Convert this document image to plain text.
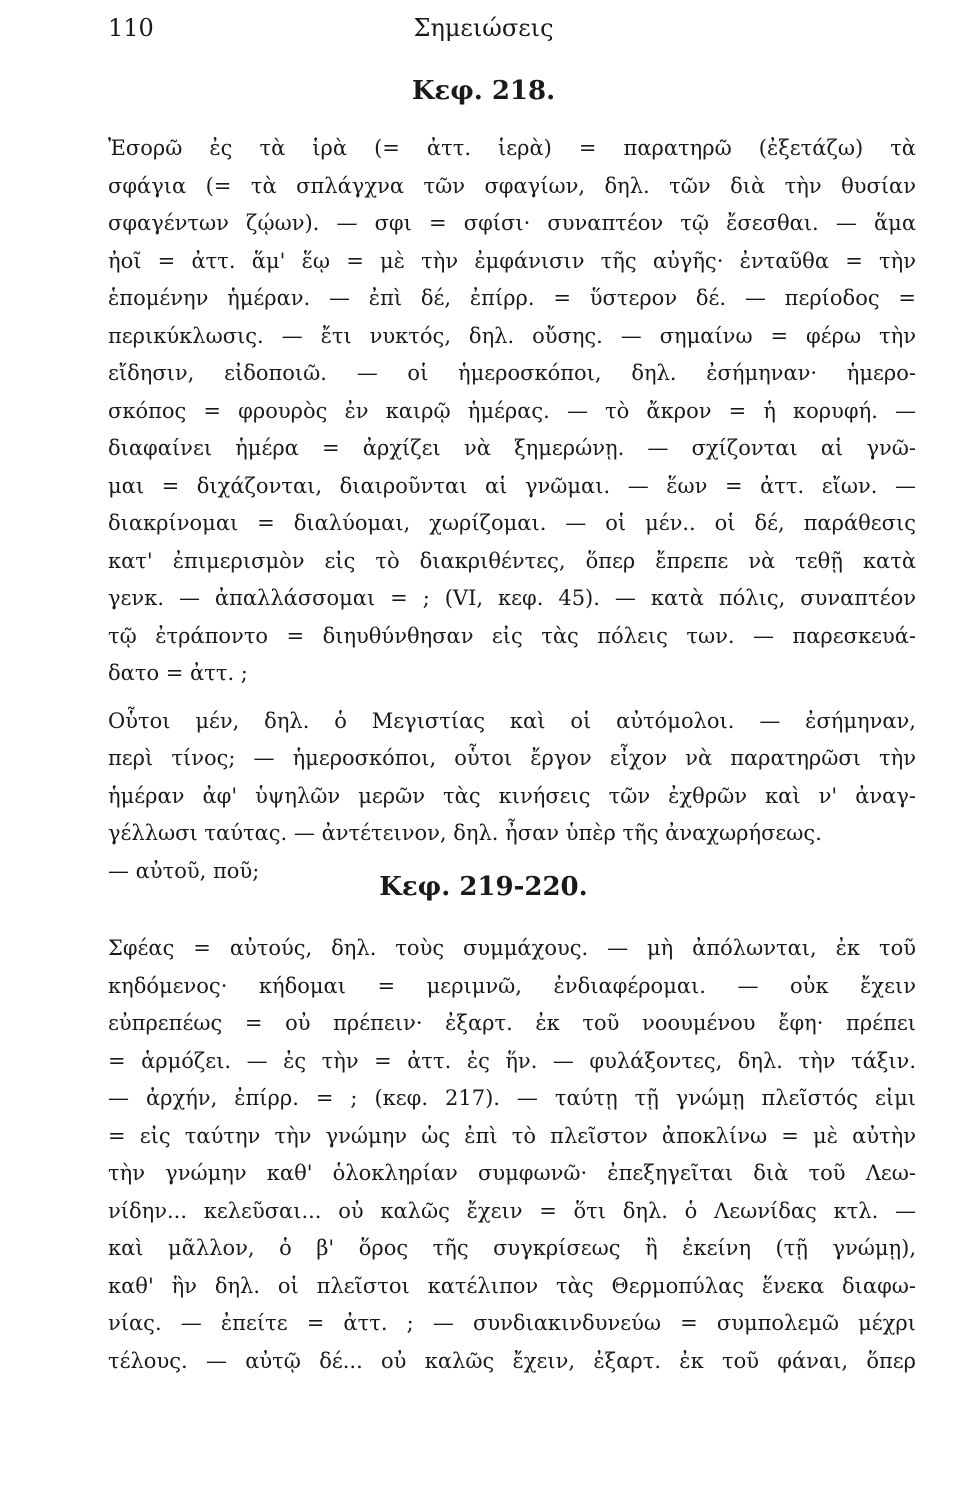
110	Σημειώσεις
Κεφ. 218.
Ἐσορῶ ἐς τὰ ἱρὰ (= ἀττ. ἱερὰ) = παρατηρῶ (ἐξετάζω) τὰ
σφάγια (= τὰ σπλάγχνα τῶν σφαγίων, δηλ. τῶν διὰ τὴν θυσίαν
σφαγέντων ζῴων). — σφι = σφίσι· συναπτέον τῷ ἔσεσθαι. — ἅμα
ἠοῖ = ἀττ. ἅμ' ἕῳ = μὲ τὴν ἐμφάνισιν τῆς αὐγῆς· ἐνταῦθα = τὴν
ἑπομένην ἡμέραν. — ἐπὶ δέ, ἐπίρρ. = ὕστερον δέ. — περίοδος =
περικύκλωσις. — ἔτι νυκτός, δηλ. οὔσης. — σημαίνω = φέρω τὴν
εἴδησιν, εἰδοποιῶ. — οἱ ἡμεροσκόποι, δηλ. ἐσήμηναν· ἡμερο-
σκόπος = φρουρὸς ἐν καιρῷ ἡμέρας. — τὸ ἄκρον = ἡ κορυφή. —
διαφαίνει ἡμέρα = ἀρχίζει νὰ ξημερώνῃ. — σχίζονται αἱ γνῶ-
μαι = διχάζονται, διαιροῦνται αἱ γνῶμαι. — ἕων = ἀττ. εἴων. —
διακρίνομαι = διαλύομαι, χωρίζομαι. — οἱ μέν.. οἱ δέ, παράθεσις
κατ' ἐπιμερισμὸν εἰς τὸ διακριθέντες, ὅπερ ἔπρεπε νὰ τεθῇ κατὰ
γενκ. — ἀπαλλάσσομαι = ; (VI, κεφ. 45). — κατὰ πόλις, συναπτέον
τῷ ἐτράποντο = διηυθύνθησαν εἰς τὰς πόλεις των. — παρεσκευά-
δατο = ἀττ. ;
Οὗτοι μέν, δηλ. ὁ Μεγιστίας καὶ οἱ αὐτόμολοι. — ἐσήμηναν,
περὶ τίνος; — ἡμεροσκόποι, οὗτοι ἔργον εἶχον νὰ παρατηρῶσι τὴν
ἡμέραν ἀφ' ὑψηλῶν μερῶν τὰς κινήσεις τῶν ἐχθρῶν καὶ ν' ἀναγ-
γέλλωσι ταύτας. — ἀντέτεινον, δηλ. ἦσαν ὑπὲρ τῆς ἀναχωρήσεως.
— αὐτοῦ, ποῦ;
Κεφ. 219-220.
Σφέας = αὐτούς, δηλ. τοὺς συμμάχους. — μὴ ἀπόλωνται, ἐκ τοῦ
κηδόμενος· κήδομαι = μεριμνῶ, ἐνδιαφέρομαι. — οὐκ ἔχειν
εὐπρεπέως = οὐ πρέπειν· ἐξαρτ. ἐκ τοῦ νοουμένου ἔφη· πρέπει
= ἁρμόζει. — ἐς τὴν = ἀττ. ἐς ἥν. — φυλάξοντες, δηλ. τὴν τάξιν.
— ἀρχήν, ἐπίρρ. = ; (κεφ. 217). — ταύτῃ τῇ γνώμῃ πλεῖστός εἰμι
= εἰς ταύτην τὴν γνώμην ὡς ἐπὶ τὸ πλεῖστον ἀποκλίνω = μὲ αὐτὴν
τὴν γνώμην καθ' ὁλοκληρίαν συμφωνῶ· ἐπεξηγεῖται διὰ τοῦ Λεω-
νίδην... κελεῦσαι... οὐ καλῶς ἔχειν = ὅτι δηλ. ὁ Λεωνίδας κτλ. —
καὶ μᾶλλον, ὁ β' ὅρος τῆς συγκρίσεως ἢ ἐκείνη (τῇ γνώμῃ),
καθ' ἣν δηλ. οἱ πλεῖστοι κατέλιπον τὰς Θερμοπύλας ἕνεκα διαφω-
νίας. — ἐπείτε = ἀττ. ; — συνδιακινδυνεύω = συμπολεμῶ μέχρι
τέλους. — αὐτῷ δέ... οὐ καλῶς ἔχειν, ἐξαρτ. ἐκ τοῦ φάναι, ὅπερ
